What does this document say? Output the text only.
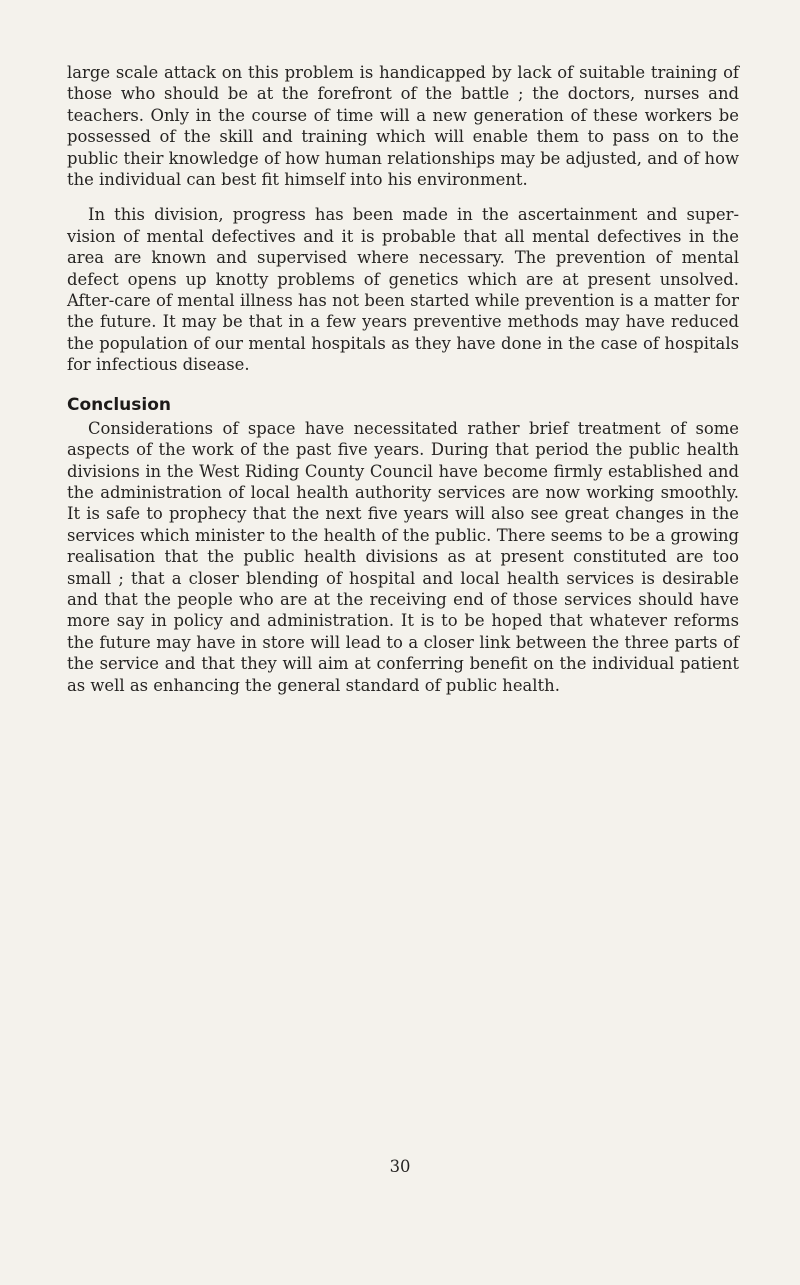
large scale attack on this problem is handicapped by lack of suitable training of those who should be at the forefront of the battle ; the doctors, nurses and teachers. Only in the course of time will a new generation of these workers be possessed of the skill and training which will enable them to pass on to the public their knowledge of how human relationships may be adjusted, and of how the individual can best fit himself into his environment.

In this division, progress has been made in the ascertainment and super-vision of mental defectives and it is probable that all mental defectives in the area are known and supervised where necessary. The prevention of mental defect opens up knotty problems of genetics which are at present unsolved. After-care of mental illness has not been started while prevention is a matter for the future. It may be that in a few years preventive methods may have reduced the population of our mental hospitals as they have done in the case of hospitals for infectious disease.

Conclusion

Considerations of space have necessitated rather brief treatment of some aspects of the work of the past five years. During that period the public health divisions in the West Riding County Council have become firmly established and the administration of local health authority services are now working smoothly. It is safe to prophecy that the next five years will also see great changes in the services which minister to the health of the public. There seems to be a growing realisation that the public health divisions as at present constituted are too small ; that a closer blending of hospital and local health services is desirable and that the people who are at the receiving end of those services should have more say in policy and administration. It is to be hoped that whatever reforms the future may have in store will lead to a closer link between the three parts of the service and that they will aim at conferring benefit on the individual patient as well as enhancing the general standard of public health.

30
